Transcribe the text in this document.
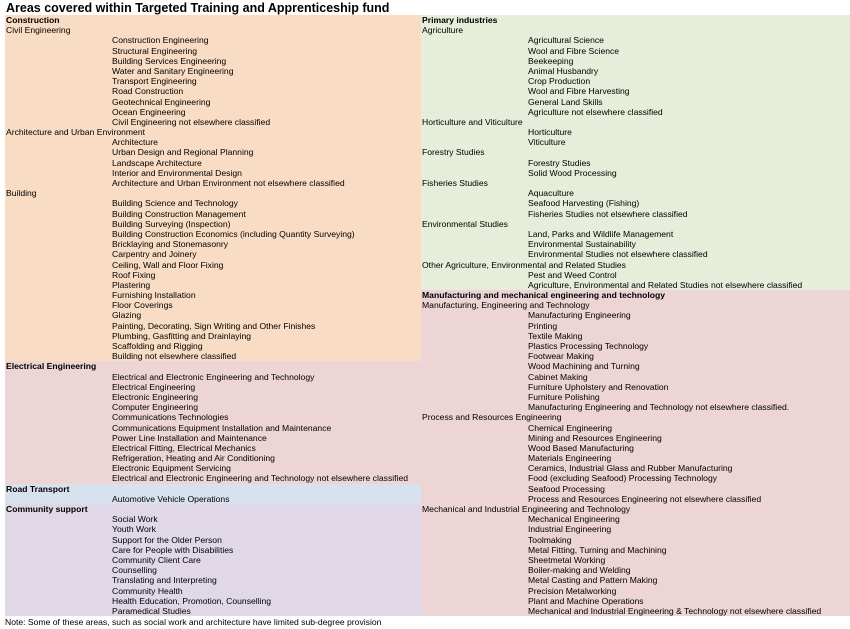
Areas covered within Targeted Training and Apprenticeship fund
Construction
Civil Engineering
Construction Engineering
Structural Engineering
Building Services Engineering
Water and Sanitary Engineering
Transport Engineering
Road Construction
Geotechnical Engineering
Ocean Engineering
Civil Engineering not elsewhere classified
Architecture and Urban Environment
Architecture
Urban Design and Regional Planning
Landscape Architecture
Interior and Environmental Design
Architecture and Urban Environment not elsewhere classified
Building
Building Science and Technology
Building Construction Management
Building Surveying (Inspection)
Building Construction Economics (including Quantity Surveying)
Bricklaying and Stonemasonry
Carpentry and Joinery
Ceiling, Wall and Floor Fixing
Roof Fixing
Plastering
Furnishing Installation
Floor Coverings
Glazing
Painting, Decorating, Sign Writing and Other Finishes
Plumbing, Gasfitting and Drainlaying
Scaffolding and Rigging
Building not elsewhere classified
Electrical Engineering
Electrical and Electronic Engineering and Technology
Electrical Engineering
Electronic Engineering
Computer Engineering
Communications Technologies
Communications Equipment Installation and Maintenance
Power Line Installation and Maintenance
Electrical Fitting, Electrical Mechanics
Refrigeration, Heating and Air Conditioning
Electronic Equipment Servicing
Electrical and Electronic Engineering and Technology not elsewhere classified
Road Transport
Automotive Vehicle Operations
Community support
Social Work
Youth Work
Support for the Older Person
Care for People with Disabilities
Community Client Care
Counselling
Translating and Interpreting
Community Health
Health Education, Promotion, Counselling
Paramedical Studies
Primary industries
Agriculture
Agricultural Science
Wool and Fibre Science
Beekeeping
Animal Husbandry
Crop Production
Wool and Fibre Harvesting
General Land Skills
Agriculture not elsewhere classified
Horticulture and Viticulture
Horticulture
Viticulture
Forestry Studies
Forestry Studies
Solid Wood Processing
Fisheries Studies
Aquaculture
Seafood Harvesting (Fishing)
Fisheries Studies not elsewhere classified
Environmental Studies
Land, Parks and Wildlife Management
Environmental Sustainability
Environmental Studies not elsewhere classified
Other Agriculture, Environmental and Related Studies
Pest and Weed Control
Agriculture, Environmental and Related Studies not elsewhere classified
Manufacturing and mechanical engineering and technology
Manufacturing, Engineering and Technology
Manufacturing Engineering
Printing
Textile Making
Plastics Processing Technology
Footwear Making
Wood Machining and Turning
Cabinet Making
Furniture Upholstery and Renovation
Furniture Polishing
Manufacturing Engineering and Technology not elsewhere classified.
Process and Resources Engineering
Chemical Engineering
Mining and Resources Engineering
Wood Based Manufacturing
Materials Engineering
Ceramics, Industrial Glass and Rubber Manufacturing
Food (excluding Seafood) Processing Technology
Seafood Processing
Process and Resources Engineering not elsewhere classified
Mechanical and Industrial Engineering and Technology
Mechanical Engineering
Industrial Engineering
Toolmaking
Metal Fitting, Turning and Machining
Sheetmetal Working
Boiler-making and Welding
Metal Casting and Pattern Making
Precision Metalworking
Plant and Machine Operations
Mechanical and Industrial Engineering & Technology not elsewhere classified
Note: Some of these areas, such as social work and architecture have limited sub-degree provision
